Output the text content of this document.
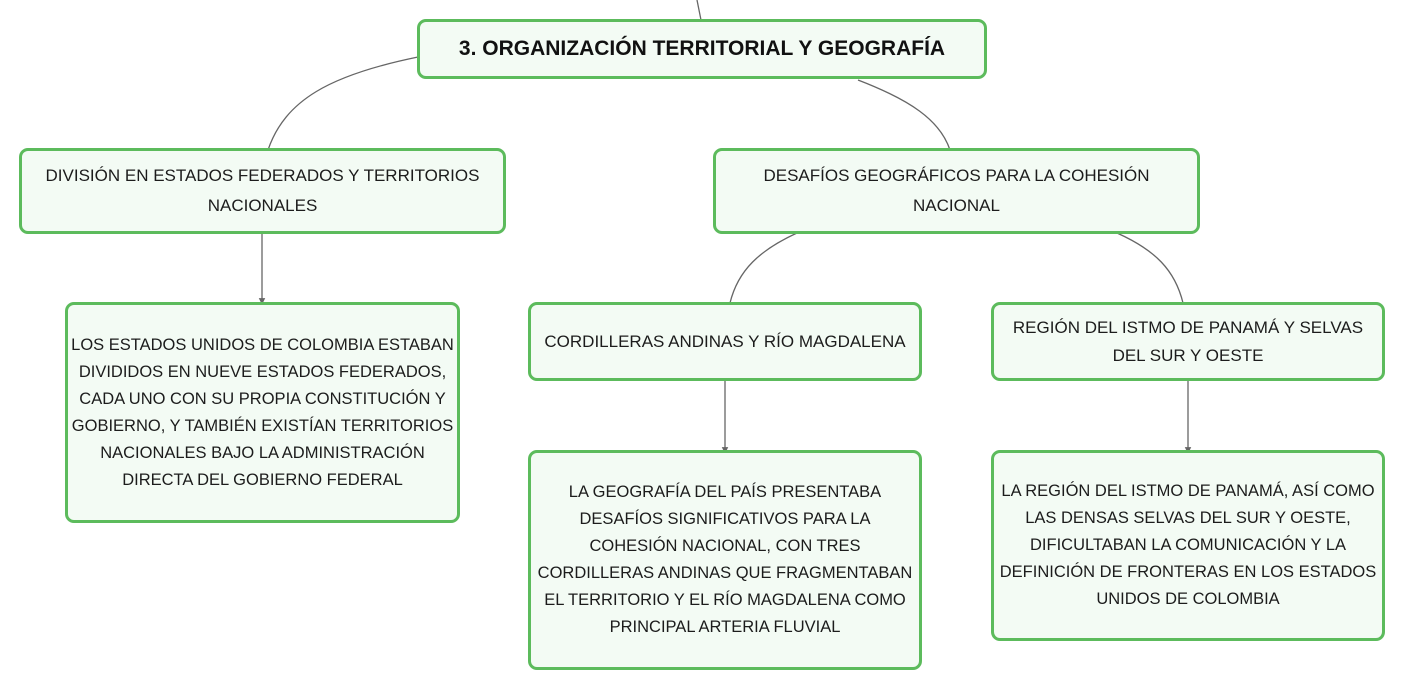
3. ORGANIZACIÓN TERRITORIAL Y GEOGRAFÍA
DIVISIÓN EN ESTADOS FEDERADOS Y TERRITORIOS NACIONALES
DESAFÍOS GEOGRÁFICOS PARA LA COHESIÓN NACIONAL
LOS ESTADOS UNIDOS DE COLOMBIA ESTABAN DIVIDIDOS EN NUEVE ESTADOS FEDERADOS, CADA UNO CON SU PROPIA CONSTITUCIÓN Y GOBIERNO, Y TAMBIÉN EXISTÍAN TERRITORIOS NACIONALES BAJO LA ADMINISTRACIÓN DIRECTA DEL GOBIERNO FEDERAL
CORDILLERAS ANDINAS Y RÍO MAGDALENA
REGIÓN DEL ISTMO DE PANAMÁ Y SELVAS DEL SUR Y OESTE
LA GEOGRAFÍA DEL PAÍS PRESENTABA DESAFÍOS SIGNIFICATIVOS PARA LA COHESIÓN NACIONAL, CON TRES CORDILLERAS ANDINAS QUE FRAGMENTABAN EL TERRITORIO Y EL RÍO MAGDALENA COMO PRINCIPAL ARTERIA FLUVIAL
LA REGIÓN DEL ISTMO DE PANAMÁ, ASÍ COMO LAS DENSAS SELVAS DEL SUR Y OESTE, DIFICULTABAN LA COMUNICACIÓN Y LA DEFINICIÓN DE FRONTERAS EN LOS ESTADOS UNIDOS DE COLOMBIA
